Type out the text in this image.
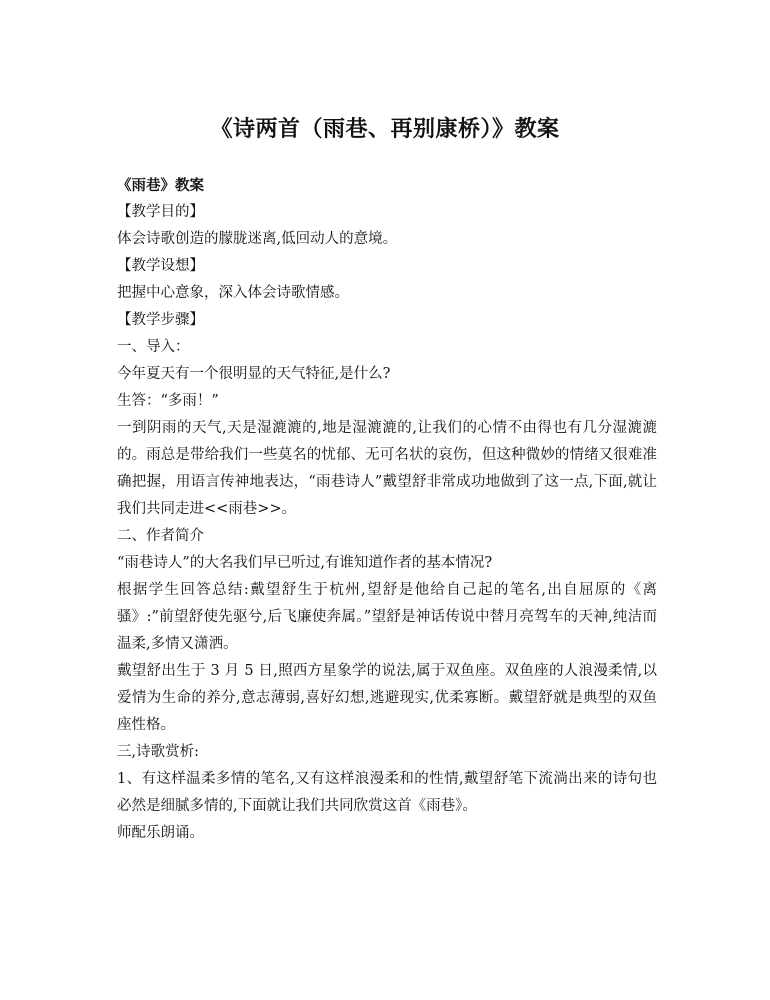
《诗两首（雨巷、再别康桥）》教案

《雨巷》教案

【教学目的】

体会诗歌创造的朦胧迷离,低回动人的意境。

【教学设想】

把握中心意象，深入体会诗歌情感。

【教学步骤】

一、导入：

今年夏天有一个很明显的天气特征,是什么?

生答：“多雨！”

一到阴雨的天气,天是湿漉漉的,地是湿漉漉的,让我们的心情不由得也有几分湿漉漉的。雨总是带给我们一些莫名的忧郁、无可名状的哀伤，但这种微妙的情绪又很难准确把握，用语言传神地表达，“雨巷诗人”戴望舒非常成功地做到了这一点,下面,就让我们共同走进<<雨巷>>。

二、作者简介

“雨巷诗人”的大名我们早已听过,有谁知道作者的基本情况?

根据学生回答总结:戴望舒生于杭州,望舒是他给自己起的笔名,出自屈原的《离骚》:”前望舒使先驱兮,后飞廉使奔属。”望舒是神话传说中替月亮驾车的天神,纯洁而温柔,多情又潇洒。

戴望舒出生于 3 月 5 日,照西方星象学的说法,属于双鱼座。双鱼座的人浪漫柔情,以爱情为生命的养分,意志薄弱,喜好幻想,逃避现实,优柔寡断。戴望舒就是典型的双鱼座性格。

三,诗歌赏析:

1、有这样温柔多情的笔名,又有这样浪漫柔和的性情,戴望舒笔下流淌出来的诗句也必然是细腻多情的,下面就让我们共同欣赏这首《雨巷》。

师配乐朗诵。
